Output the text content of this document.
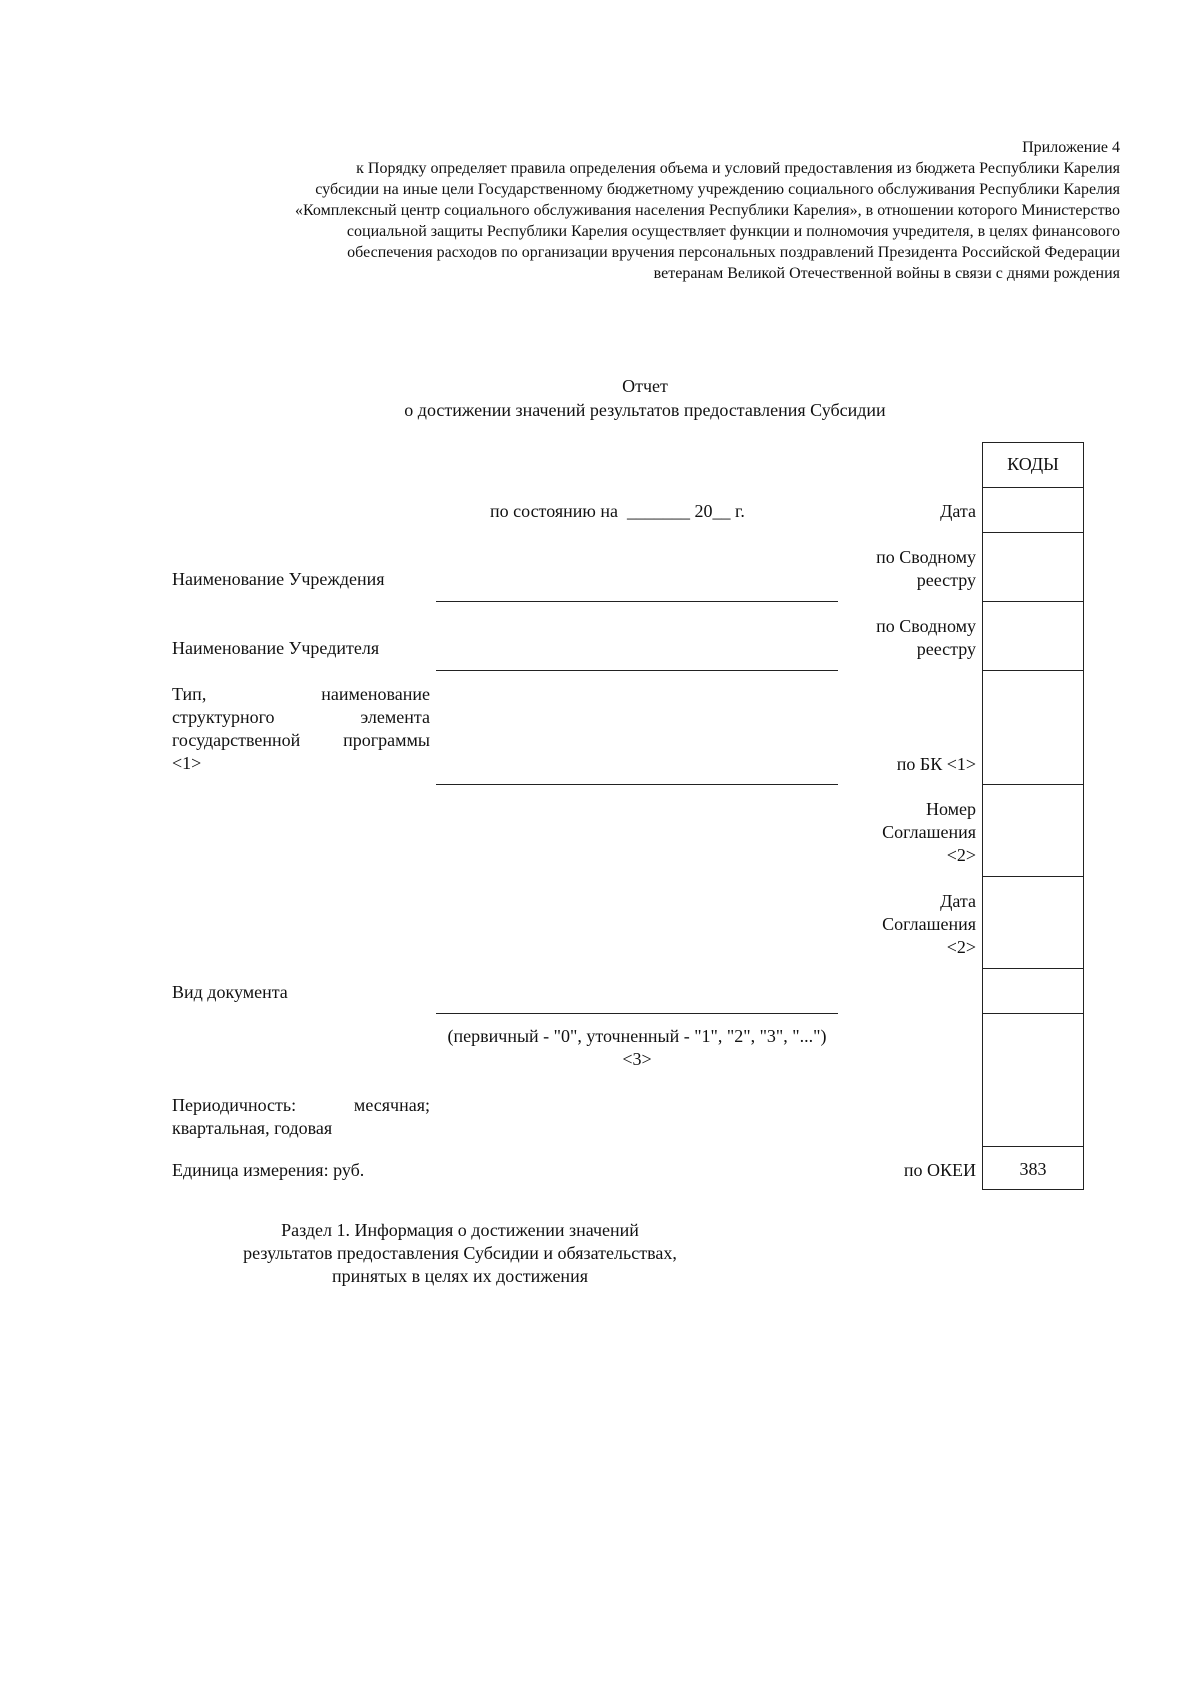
Приложение 4
к Порядку определяет правила определения объема и условий предоставления из бюджета Республики Карелия
субсидии на иные цели Государственному бюджетному учреждению социального обслуживания Республики Карелия
«Комплексный центр социального обслуживания населения Республики Карелия», в отношении которого Министерство
социальной защиты Республики Карелия осуществляет функции и полномочия учредителя, в целях финансового
обеспечения расходов по организации вручения персональных поздравлений Президента Российской Федерации
ветеранам Великой Отечественной войны в связи с днями рождения
Отчет
о достижении значений результатов предоставления Субсидии
КОДЫ
383
Дата
по Сводному
реестру
по Сводному
реестру
по БК <1>
Номер
Соглашения
<2>
Дата
Соглашения
<2>
по ОКЕИ
по состоянию на  _______ 20__ г.
Наименование Учреждения
Наименование Учредителя
Тип, наименование
структурного элемента
государственной программы
<1>
Вид документа
(первичный - "0", уточненный - "1", "2", "3", "...") <3>
Периодичность: месячная;
квартальная, годовая
Единица измерения: руб.
Раздел 1. Информация о достижении значений
результатов предоставления Субсидии и обязательствах,
принятых в целях их достижения
